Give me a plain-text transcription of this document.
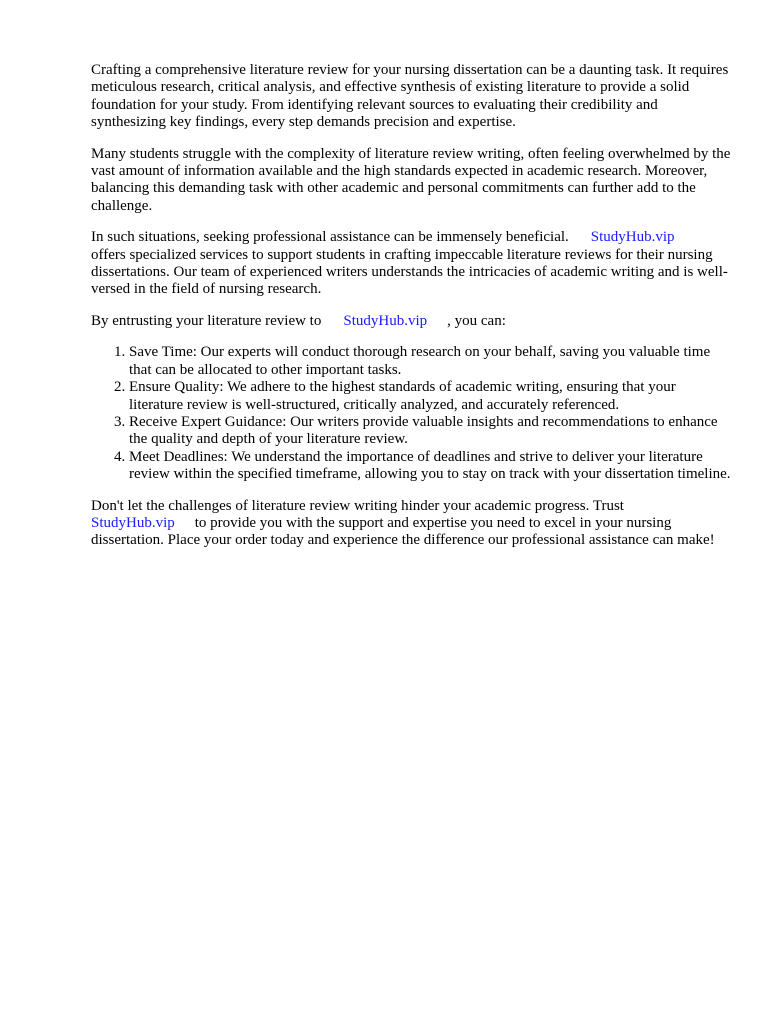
Crafting a comprehensive literature review for your nursing dissertation can be a daunting task. It requires meticulous research, critical analysis, and effective synthesis of existing literature to provide a solid foundation for your study. From identifying relevant sources to evaluating their credibility and synthesizing key findings, every step demands precision and expertise.

Many students struggle with the complexity of literature review writing, often feeling overwhelmed by the vast amount of information available and the high standards expected in academic research. Moreover, balancing this demanding task with other academic and personal commitments can further add to the challenge.

In such situations, seeking professional assistance can be immensely beneficial. StudyHub.vip
offers specialized services to support students in crafting impeccable literature reviews for their nursing dissertations. Our team of experienced writers understands the intricacies of academic writing and is well-versed in the field of nursing research.

By entrusting your literature review to StudyHub.vip , you can:

1. Save Time: Our experts will conduct thorough research on your behalf, saving you valuable time that can be allocated to other important tasks.
2. Ensure Quality: We adhere to the highest standards of academic writing, ensuring that your literature review is well-structured, critically analyzed, and accurately referenced.
3. Receive Expert Guidance: Our writers provide valuable insights and recommendations to enhance the quality and depth of your literature review.
4. Meet Deadlines: We understand the importance of deadlines and strive to deliver your literature review within the specified timeframe, allowing you to stay on track with your dissertation timeline.

Don't let the challenges of literature review writing hinder your academic progress. Trust
StudyHub.vip to provide you with the support and expertise you need to excel in your nursing dissertation. Place your order today and experience the difference our professional assistance can make!
